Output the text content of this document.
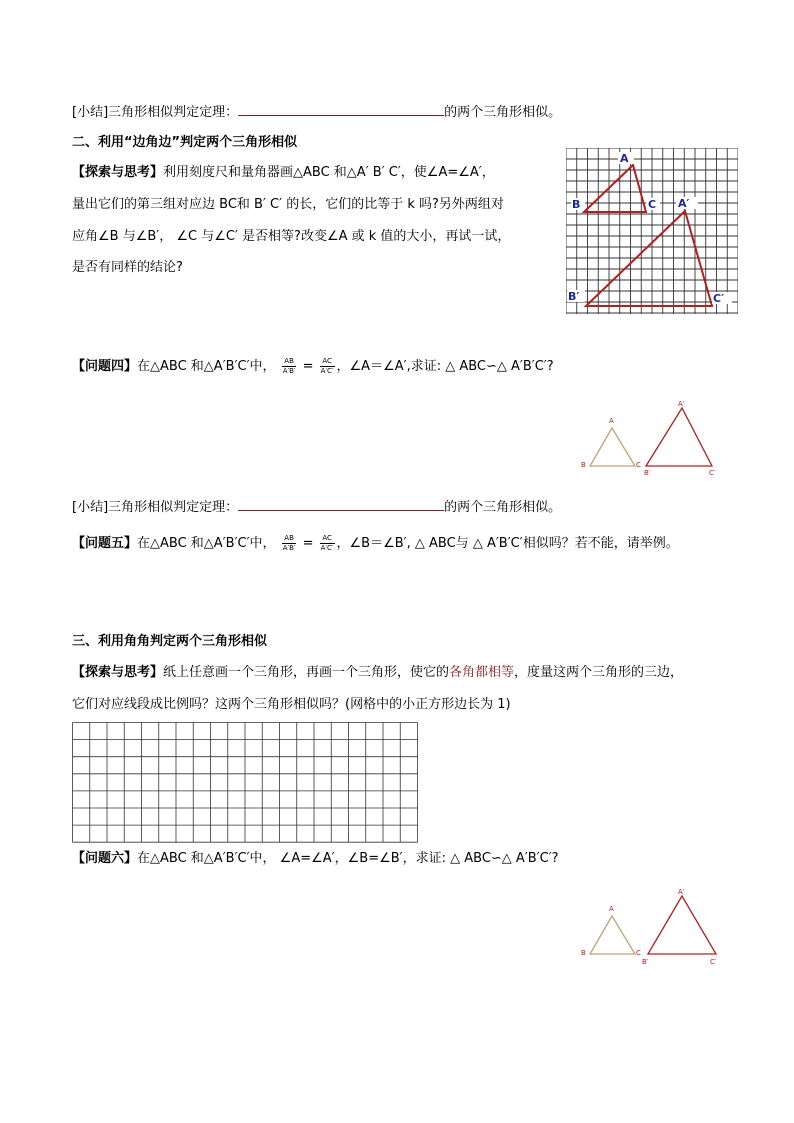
[小结]三角形相似判定定理：	的两个三角形相似。
二、利用“边角边”判定两个三角形相似
【探索与思考】利用刻度尺和量角器画△ABC 和△A′ B′ C′，使∠A=∠A′，
量出它们的第三组对应边 BC和 B′ C′ 的长，它们的比等于 k 吗?另外两组对
应角∠B 与∠B′， ∠C 与∠C′ 是否相等?改变∠A 或 k 值的大小，再试一试，
是否有同样的结论?
A
B	C A′
B′	C′
【问题四】在△ABC 和△A′B′C′中， $\frac{AB}{A'B'} = \frac{AC}{A'C'}$ ，∠A＝∠A′,求证: △ ABC∽△ A′B′C′?
A
B	C
A′
B′	C′
[小结]三角形相似判定定理：	的两个三角形相似。
【问题五】在△ABC 和△A′B′C′中， $\frac{AB}{A'B'} = \frac{AC}{A'C'}$ ，∠B＝∠B′, △ ABC与 △ A′B′C′相似吗？若不能，请举例。
三、利用角角判定两个三角形相似
【探索与思考】纸上任意画一个三角形，再画一个三角形，使它的各角都相等，度量这两个三角形的三边，
它们对应线段成比例吗？这两个三角形相似吗？(网格中的小正方形边长为 1)
【问题六】在△ABC 和△A′B′C′中， ∠A=∠A′，∠B=∠B′，求证: △ ABC∽△ A′B′C′?
A
B	C
A′
B′	C′
